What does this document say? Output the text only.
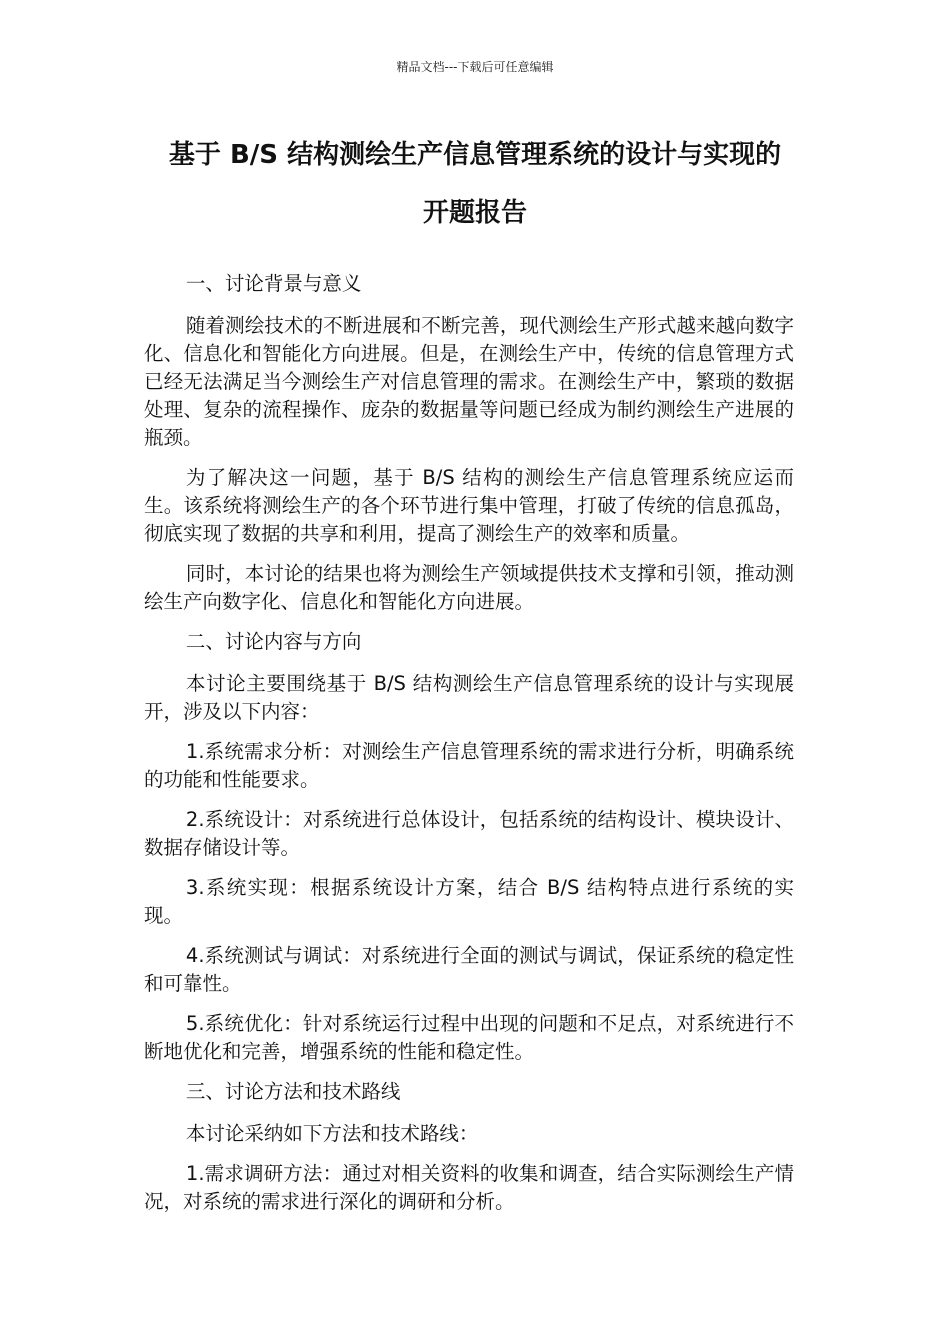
精品文档---下载后可任意编辑
基于 B/S 结构测绘生产信息管理系统的设计与实现的
开题报告

一、讨论背景与意义

随着测绘技术的不断进展和不断完善，现代测绘生产形式越来越向数字化、信息化和智能化方向进展。但是，在测绘生产中，传统的信息管理方式已经无法满足当今测绘生产对信息管理的需求。在测绘生产中，繁琐的数据处理、复杂的流程操作、庞杂的数据量等问题已经成为制约测绘生产进展的瓶颈。

为了解决这一问题，基于 B/S 结构的测绘生产信息管理系统应运而生。该系统将测绘生产的各个环节进行集中管理，打破了传统的信息孤岛，彻底实现了数据的共享和利用，提高了测绘生产的效率和质量。

同时，本讨论的结果也将为测绘生产领域提供技术支撑和引领，推动测绘生产向数字化、信息化和智能化方向进展。

二、讨论内容与方向

本讨论主要围绕基于 B/S 结构测绘生产信息管理系统的设计与实现展开，涉及以下内容：

1.系统需求分析：对测绘生产信息管理系统的需求进行分析，明确系统的功能和性能要求。

2.系统设计：对系统进行总体设计，包括系统的结构设计、模块设计、数据存储设计等。

3.系统实现：根据系统设计方案，结合 B/S 结构特点进行系统的实现。

4.系统测试与调试：对系统进行全面的测试与调试，保证系统的稳定性和可靠性。

5.系统优化：针对系统运行过程中出现的问题和不足点，对系统进行不断地优化和完善，增强系统的性能和稳定性。

三、讨论方法和技术路线

本讨论采纳如下方法和技术路线：

1.需求调研方法：通过对相关资料的收集和调查，结合实际测绘生产情况，对系统的需求进行深化的调研和分析。
